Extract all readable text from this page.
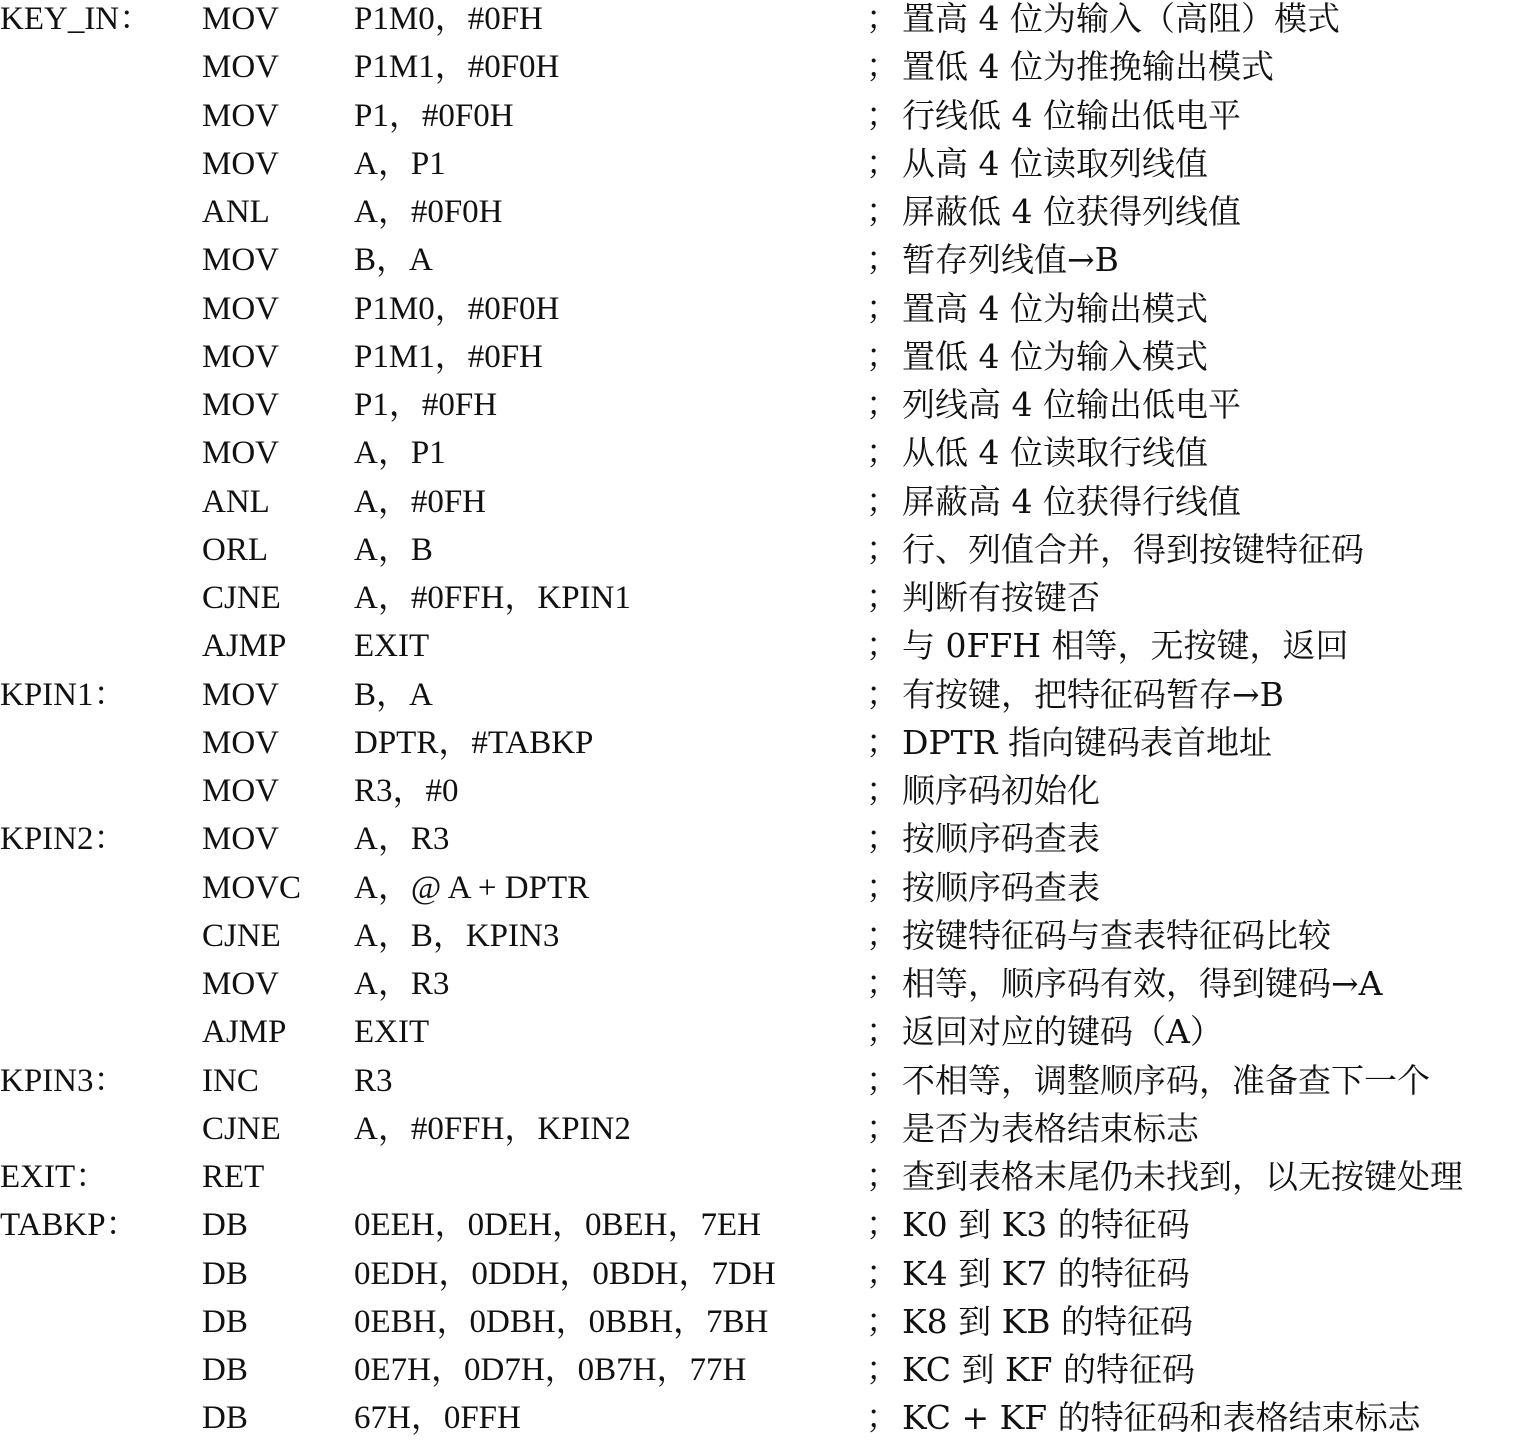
KEY_IN： MOV P1M0，#0FH	； 置高 4 位为输入（高阻）模式
MOV P1M1，#0F0H	； 置低 4 位为推挽输出模式
MOV P1，#0F0H	； 行线低 4 位输出低电平
MOV A，P1	； 从高 4 位读取列线值
ANL	A，#0F0H	； 屏蔽低 4 位获得列线值
MOV B，A	； 暂存列线值→B
MOV P1M0，#0F0H	； 置高 4 位为输出模式
MOV P1M1，#0FH	； 置低 4 位为输入模式
MOV P1，#0FH	； 列线高 4 位输出低电平
MOV A，P1	； 从低 4 位读取行线值
ANL	A，#0FH	； 屏蔽高 4 位获得行线值
ORL	A，B	； 行、列值合并，得到按键特征码
CJNE A，#0FFH，KPIN1	； 判断有按键否
AJMP EXIT	； 与 0FFH 相等，无按键，返回
KPIN1： MOV B，A	； 有按键，把特征码暂存→B
MOV DPTR，#TABKP	； DPTR 指向键码表首地址
MOV R3，#0	； 顺序码初始化
KPIN2： MOV A，R3	； 按顺序码查表
MOVC A，@ A + DPTR	； 按顺序码查表
CJNE A，B，KPIN3	； 按键特征码与查表特征码比较
MOV A，R3	； 相等，顺序码有效，得到键码→A
AJMP EXIT	； 返回对应的键码（A）
KPIN3： INC	R3	； 不相等，调整顺序码，准备查下一个
CJNE A，#0FFH，KPIN2	； 是否为表格结束标志
EXIT：	RET	； 查到表格末尾仍未找到，以无按键处理
TABKP： DB	0EEH，0DEH，0BEH，7EH	； K0 到 K3 的特征码
DB	0EDH，0DDH，0BDH，7DH	； K4 到 K7 的特征码
DB	0EBH，0DBH，0BBH，7BH	； K8 到 KB 的特征码
DB	0E7H，0D7H，0B7H，77H	； KC 到 KF 的特征码
DB	67H，0FFH	； KC + KF 的特征码和表格结束标志
